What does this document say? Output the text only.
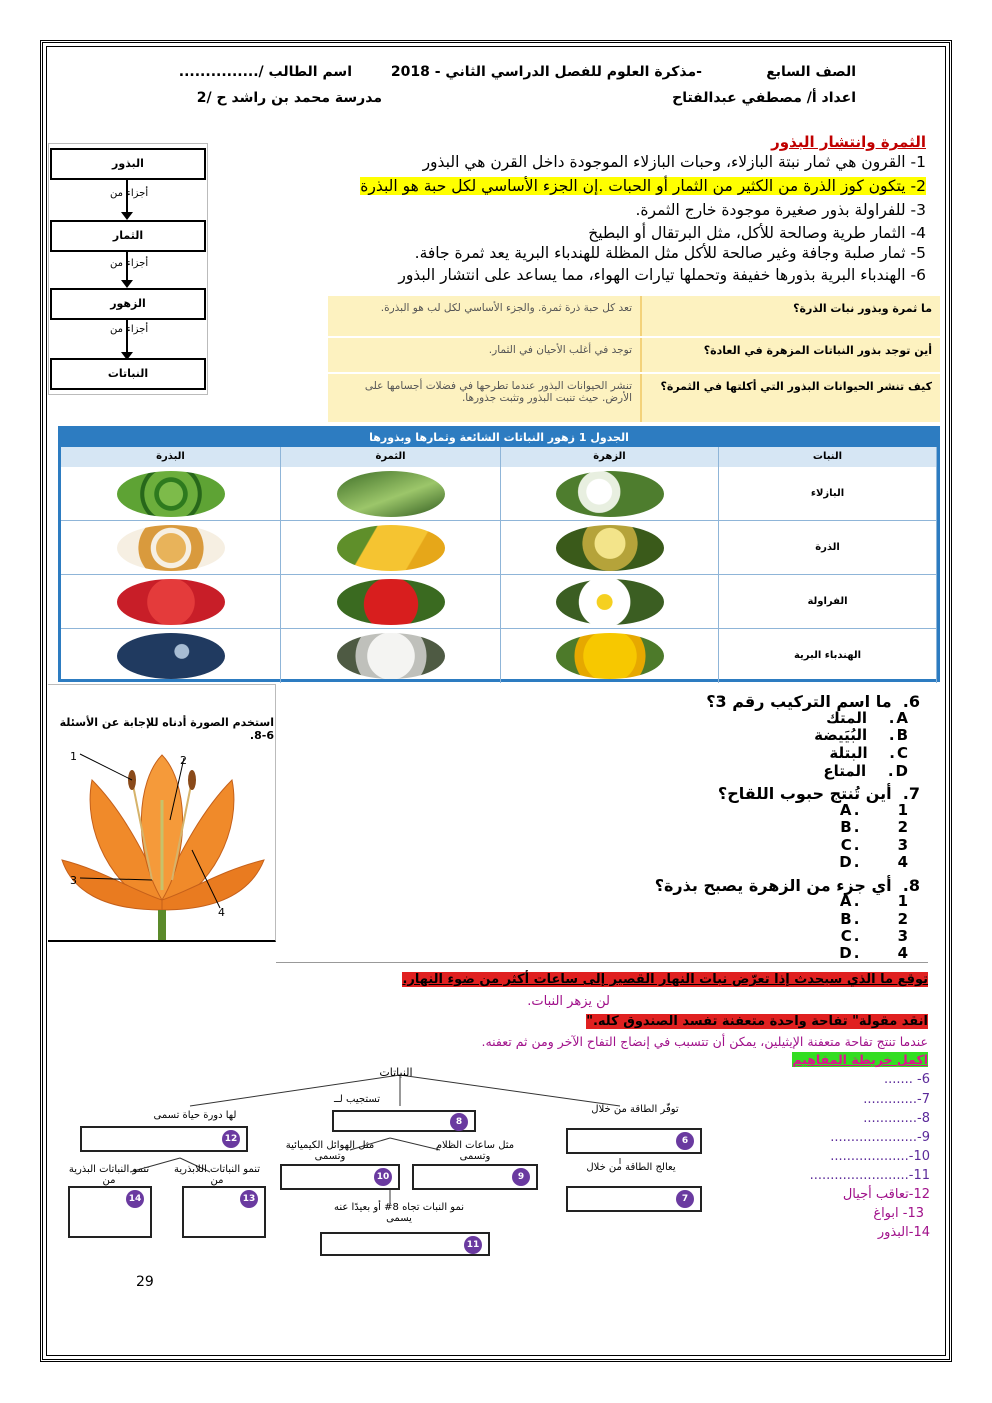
الصف السابع
-مذكرة العلوم للفصل الدراسي الثاني - 2018
اسم الطالب /...............
اعداد أ/ مصطفي عبدالفتاح
مدرسة محمد بن راشد ح /2
الثمرة وانتشار البذور
1- القرون هي ثمار نبتة البازلاء، وحبات البازلاء الموجودة داخل القرن هي البذور
2- يتكون كوز الذرة من الكثير من الثمار أو الحبات .إن الجزء الأساسي لكل حبة هو البذرة
3- للفراولة بذور صغيرة موجودة خارج الثمرة.
4- الثمار طرية وصالحة للأكل، مثل البرتقال أو البطيخ
5- ثمار صلبة وجافة وغير صالحة للأكل مثل المظلة للهندباء البرية يعد ثمرة جافة.
6- الهندباء البرية بذورها خفيفة وتحملها تيارات الهواء، مما يساعد على انتشار البذور
البذور
أجزاء من
الثمار
أجزاء من
الزهور
أجزاء من
النباتات
ما ثمرة وبذور نبات الذرة؟
تعد كل حبة ذرة ثمرة. والجزء الأساسي لكل لب هو البذرة.
أين توجد بذور النباتات المزهرة في العادة؟
توجد في أغلب الأحيان في الثمار.
كيف تنشر الحيوانات البذور التي أكلتها في الثمرة؟
تنشر الحيوانات البذور عندما تطرحها في فضلات أجسامها على الأرض. حيث تنبت البذور وتثبت جذورها.
الجدول 1 زهور النباتات الشائعة وثمارها وبذورها
النبات
الزهرة
الثمرة
البذرة
البازلاء
الذرة
الفراولة
الهندباء البرية
استخدم الصورة أدناه للإجابة عن الأسئلة 6-8.
1	2
3
4
6.  ما اسم التركيب رقم 3؟
A.   المتك
B.   البُيَيضة
C.   البتلة
D.   المتاع
7.  أين تُنتج حبوب اللقاح؟
A. 1
B. 2
C. 3
D. 4
8.  أي جزء من الزهرة يصبح بذرة؟
A. 1
B. 2
C. 3
D. 4
توقع ما الذي سيحدث إذا تعرّض نبات النهار القصير إلى ساعات أكثر من ضوء النهار.
لن يزهر النبات.
انقد مقولة" تفاحة واحدة متعفنة تفسد الصندوق كله."
عندما تنتج تفاحة متعفنة الإيثيلين، يمكن أن تتسبب في إنضاج التفاح الآخر ومن ثم تعفنه.
اكمل خريطة المفاهيم
النباتات
لها دورة حياة تسمى
12
تستجيب لــ
8
توفّر الطاقة من خلال
6
تنمو النباتات البذرية من
14
تنمو النباتات اللابذرية من
13
مثل الهوائل الكيميائية وتسمى
10
مثل ساعات الظلام وتسمى
9
يعالج الطاقة من خلال
7
نمو النبات تجاه 8# أو بعيدًا عنه يسمى
11
6- .......
7-.............
8-.............
9-.....................
10-...................
11-........................
12-تعاقب أجيال
13- ابواغ
14-البذور
29
